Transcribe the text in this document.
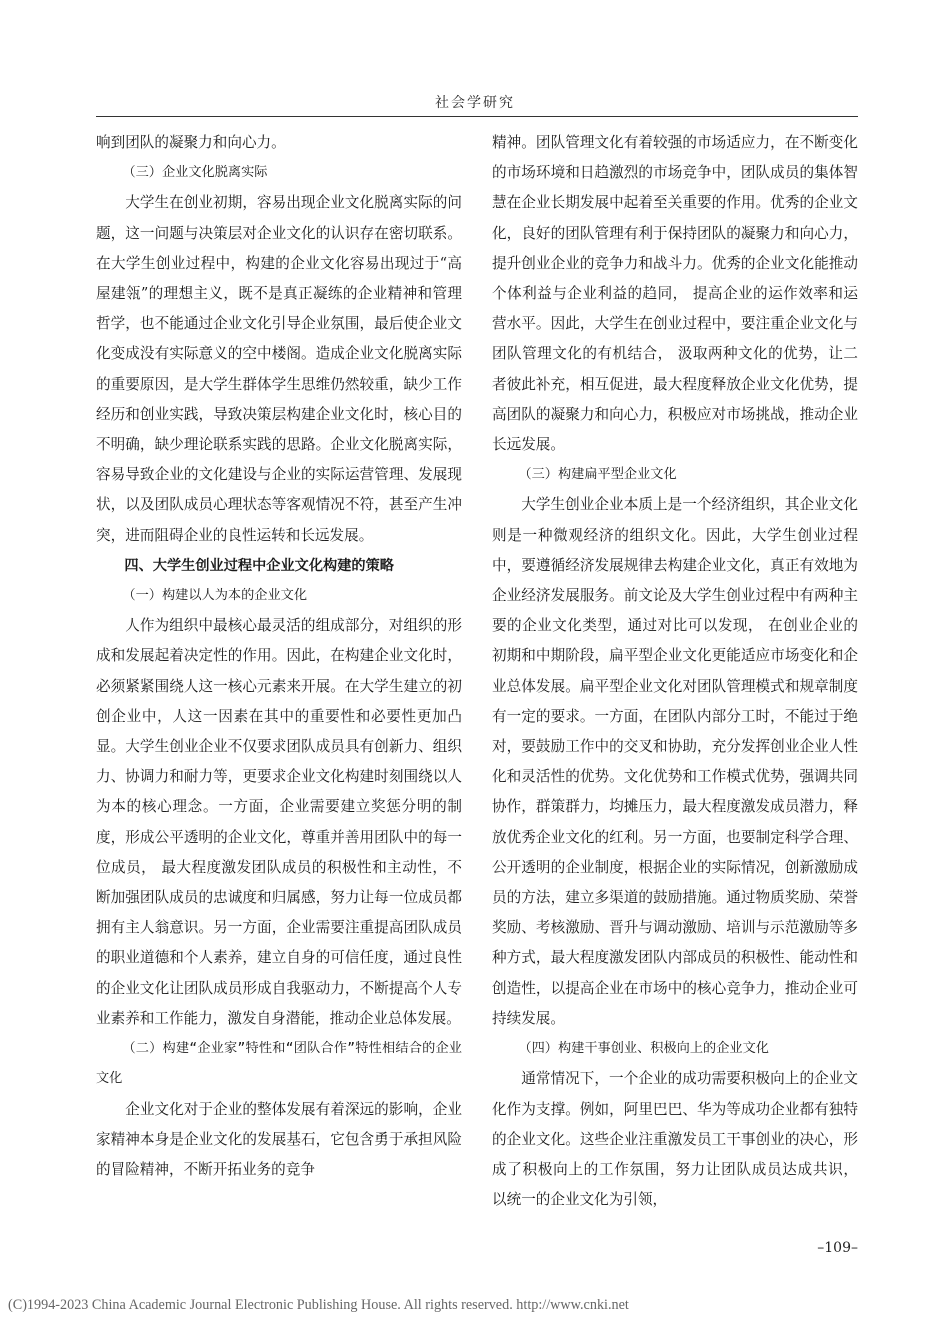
社会学研究

响到团队的凝聚力和向心力。

（三）企业文化脱离实际

大学生在创业初期，容易出现企业文化脱离实际的问题，这一问题与决策层对企业文化的认识存在密切联系。在大学生创业过程中，构建的企业文化容易出现过于“高屋建瓴”的理想主义，既不是真正凝练的企业精神和管理哲学，也不能通过企业文化引导企业氛围，最后使企业文化变成没有实际意义的空中楼阁。造成企业文化脱离实际的重要原因，是大学生群体学生思维仍然较重，缺少工作经历和创业实践，导致决策层构建企业文化时，核心目的不明确，缺少理论联系实践的思路。企业文化脱离实际，容易导致企业的文化建设与企业的实际运营管理、发展现状，以及团队成员心理状态等客观情况不符，甚至产生冲突，进而阻碍企业的良性运转和长远发展。

四、大学生创业过程中企业文化构建的策略

（一）构建以人为本的企业文化

人作为组织中最核心最灵活的组成部分，对组织的形成和发展起着决定性的作用。因此，在构建企业文化时， 必须紧紧围绕人这一核心元素来开展。在大学生建立的初创企业中，人这一因素在其中的重要性和必要性更加凸显。大学生创业企业不仅要求团队成员具有创新力、组织力、协调力和耐力等，更要求企业文化构建时刻围绕以人为本的核心理念。一方面，企业需要建立奖惩分明的制度，形成公平透明的企业文化，尊重并善用团队中的每一位成员， 最大程度激发团队成员的积极性和主动性，不断加强团队成员的忠诚度和归属感，努力让每一位成员都拥有主人翁意识。另一方面，企业需要注重提高团队成员的职业道德和个人素养，建立自身的可信任度，通过良性的企业文化让团队成员形成自我驱动力，不断提高个人专业素养和工作能力，激发自身潜能，推动企业总体发展。

（二）构建“企业家”特性和“团队合作”特性相结合的企业文化

企业文化对于企业的整体发展有着深远的影响，企业家精神本身是企业文化的发展基石，它包含勇于承担风险的冒险精神，不断开拓业务的竞争

精神。团队管理文化有着较强的市场适应力，在不断变化的市场环境和日趋激烈的市场竞争中，团队成员的集体智慧在企业长期发展中起着至关重要的作用。优秀的企业文化，良好的团队管理有利于保持团队的凝聚力和向心力，提升创业企业的竞争力和战斗力。优秀的企业文化能推动个体利益与企业利益的趋同， 提高企业的运作效率和运营水平。因此，大学生在创业过程中，要注重企业文化与团队管理文化的有机结合， 汲取两种文化的优势，让二者彼此补充，相互促进，最大程度释放企业文化优势，提高团队的凝聚力和向心力，积极应对市场挑战，推动企业长远发展。

（三）构建扁平型企业文化

大学生创业企业本质上是一个经济组织，其企业文化则是一种微观经济的组织文化。因此，大学生创业过程中，要遵循经济发展规律去构建企业文化，真正有效地为企业经济发展服务。前文论及大学生创业过程中有两种主要的企业文化类型，通过对比可以发现， 在创业企业的初期和中期阶段，扁平型企业文化更能适应市场变化和企业总体发展。扁平型企业文化对团队管理模式和规章制度有一定的要求。一方面，在团队内部分工时，不能过于绝对，要鼓励工作中的交叉和协助，充分发挥创业企业人性化和灵活性的优势。文化优势和工作模式优势，强调共同协作，群策群力，均摊压力，最大程度激发成员潜力，释放优秀企业文化的红利。另一方面，也要制定科学合理、公开透明的企业制度，根据企业的实际情况，创新激励成员的方法，建立多渠道的鼓励措施。通过物质奖励、荣誉奖励、考核激励、晋升与调动激励、培训与示范激励等多种方式，最大程度激发团队内部成员的积极性、能动性和创造性，以提高企业在市场中的核心竞争力，推动企业可持续发展。

（四）构建干事创业、积极向上的企业文化

通常情况下，一个企业的成功需要积极向上的企业文化作为支撑。例如，阿里巴巴、华为等成功企业都有独特的企业文化。这些企业注重激发员工干事创业的决心，形成了积极向上的工作氛围，努力让团队成员达成共识， 以统一的企业文化为引领，

–109–
(C)1994-2023 China Academic Journal Electronic Publishing House. All rights reserved. http://www.cnki.net
